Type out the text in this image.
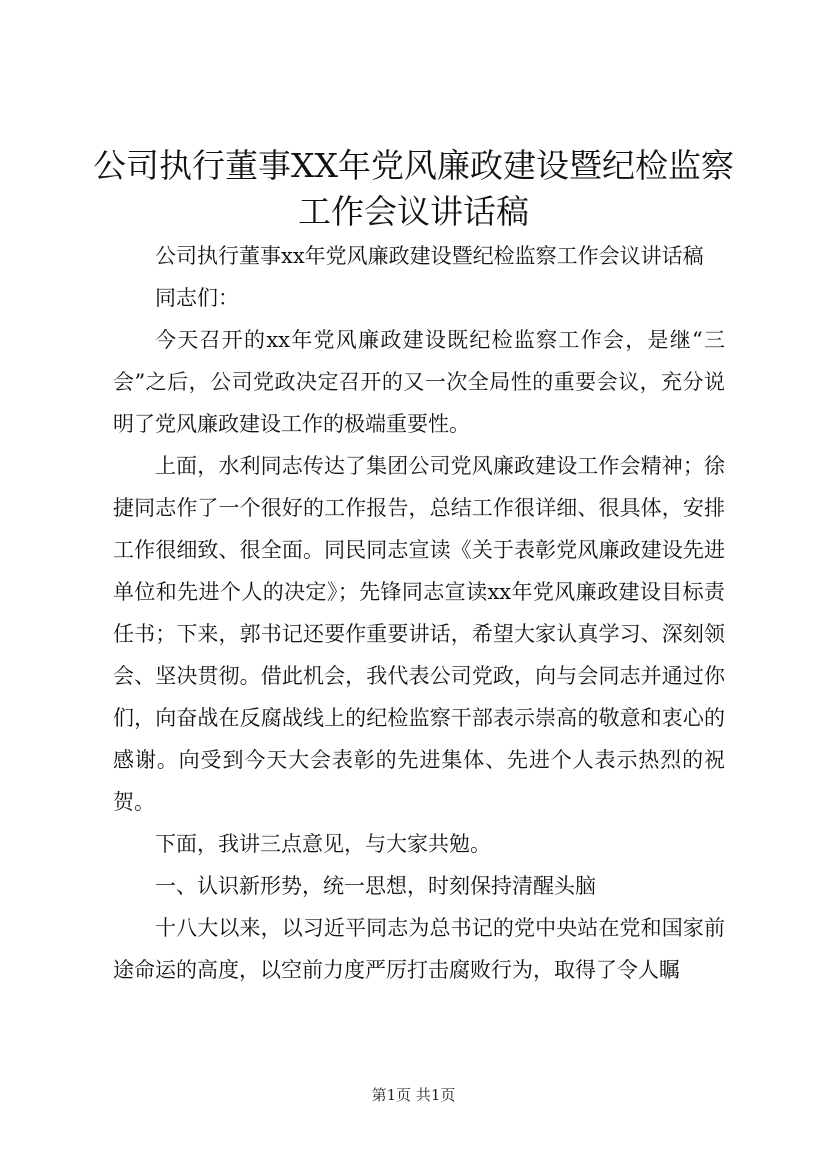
公司执行董事XX年党风廉政建设暨纪检监察
工作会议讲话稿

公司执行董事xx年党风廉政建设暨纪检监察工作会议讲话稿

同志们：

今天召开的xx年党风廉政建设既纪检监察工作会，是继“三会”之后，公司党政决定召开的又一次全局性的重要会议，充分说明了党风廉政建设工作的极端重要性。

上面，水利同志传达了集团公司党风廉政建设工作会精神；徐捷同志作了一个很好的工作报告，总结工作很详细、很具体，安排工作很细致、很全面。同民同志宣读《关于表彰党风廉政建设先进单位和先进个人的决定》；先锋同志宣读xx年党风廉政建设目标责任书；下来，郭书记还要作重要讲话，希望大家认真学习、深刻领会、坚决贯彻。借此机会，我代表公司党政，向与会同志并通过你们，向奋战在反腐战线上的纪检监察干部表示崇高的敬意和衷心的感谢。向受到今天大会表彰的先进集体、先进个人表示热烈的祝贺。

下面，我讲三点意见，与大家共勉。

一、认识新形势，统一思想，时刻保持清醒头脑

十八大以来，以习近平同志为总书记的党中央站在党和国家前途命运的高度，以空前力度严厉打击腐败行为，取得了令人瞩

第1页 共1页
